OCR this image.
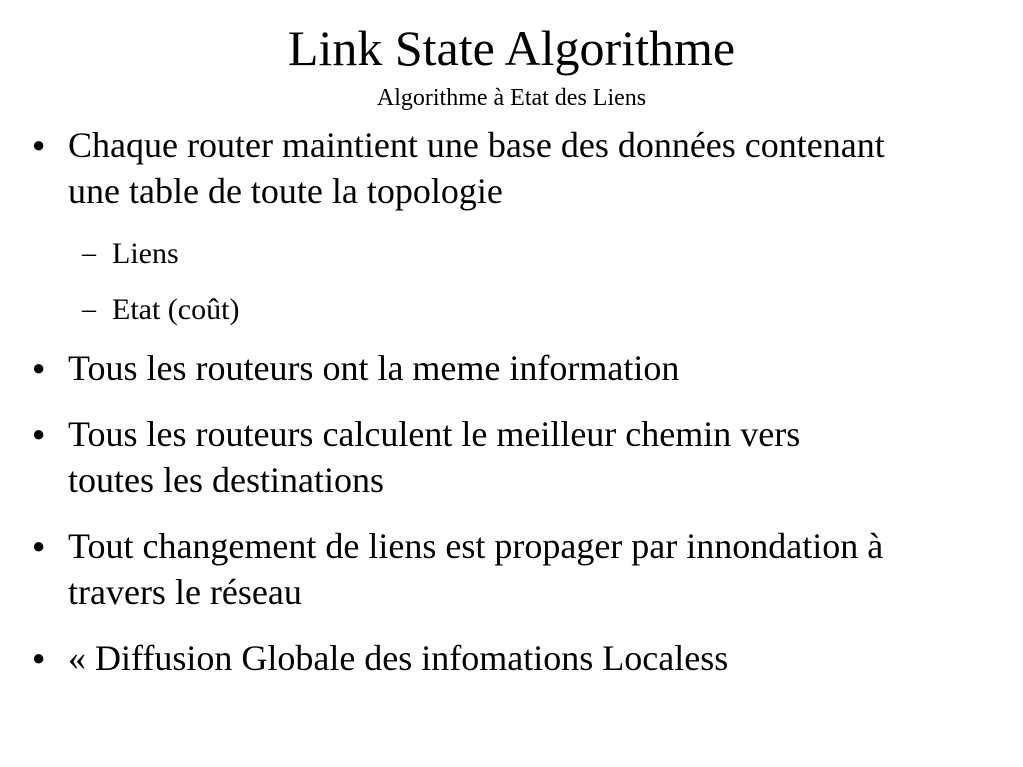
Link State Algorithme
Algorithme à Etat des Liens
● Chaque router maintient une base des données contenant
une table de toute la topologie
– Liens
– Etat (coût)
● Tous les routeurs ont la meme information
● Tous les routeurs calculent le meilleur chemin vers
toutes les destinations
● Tout changement de liens est propager par innondation à
travers le réseau
● « Diffusion Globale des infomations Localess
